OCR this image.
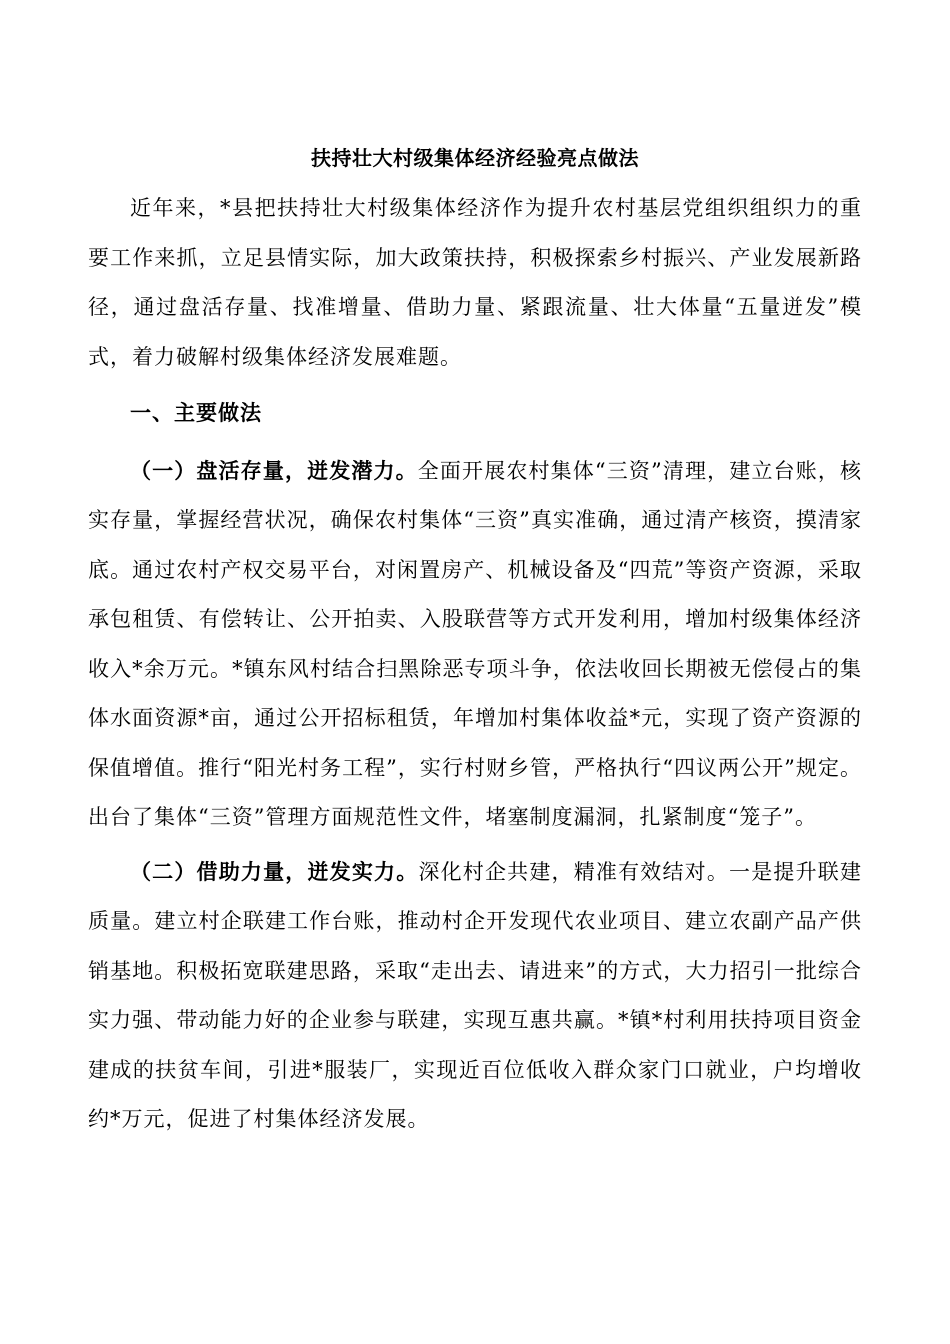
扶持壮大村级集体经济经验亮点做法

近年来，*县把扶持壮大村级集体经济作为提升农村基层党组织组织力的重要工作来抓，立足县情实际，加大政策扶持，积极探索乡村振兴、产业发展新路径，通过盘活存量、找准增量、借助力量、紧跟流量、壮大体量“五量迸发”模式，着力破解村级集体经济发展难题。

一、主要做法

（一）盘活存量，迸发潜力。全面开展农村集体“三资”清理，建立台账，核实存量，掌握经营状况，确保农村集体“三资”真实准确，通过清产核资，摸清家底。通过农村产权交易平台，对闲置房产、机械设备及“四荒”等资产资源，采取承包租赁、有偿转让、公开拍卖、入股联营等方式开发利用，增加村级集体经济收入*余万元。*镇东风村结合扫黑除恶专项斗争，依法收回长期被无偿侵占的集体水面资源*亩，通过公开招标租赁，年增加村集体收益*元，实现了资产资源的保值增值。推行“阳光村务工程”，实行村财乡管，严格执行“四议两公开”规定。出台了集体“三资”管理方面规范性文件，堵塞制度漏洞，扎紧制度“笼子”。

（二）借助力量，迸发实力。深化村企共建，精准有效结对。一是提升联建质量。建立村企联建工作台账，推动村企开发现代农业项目、建立农副产品产供销基地。积极拓宽联建思路，采取“走出去、请进来”的方式，大力招引一批综合实力强、带动能力好的企业参与联建，实现互惠共赢。*镇*村利用扶持项目资金建成的扶贫车间，引进*服装厂，实现近百位低收入群众家门口就业，户均增收约*万元，促进了村集体经济发展。
